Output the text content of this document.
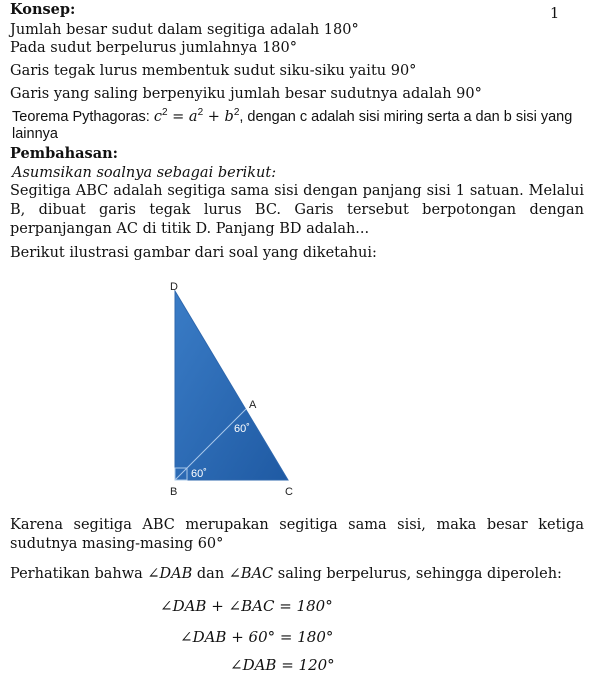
1
Konsep:
Jumlah besar sudut dalam segitiga adalah 180°
Pada sudut berpelurus jumlahnya 180°
Garis tegak lurus membentuk sudut siku-siku yaitu 90°
Garis yang saling berpenyiku jumlah besar sudutnya adalah 90°
Teorema Pythagoras: $c^2 = a^2 + b^2$, dengan c adalah sisi miring serta a dan b sisi yang
lainnya
Pembahasan:
Asumsikan soalnya sebagai berikut:
Segitiga ABC adalah segitiga sama sisi dengan panjang sisi 1 satuan. Melalui B, dibuat garis tegak lurus BC. Garis tersebut berpotongan dengan perpanjangan AC di titik D. Panjang BD adalah...
Berikut ilustrasi gambar dari soal yang diketahui:
D
A
B	C
60˚
60˚
Karena segitiga ABC merupakan segitiga sama sisi, maka besar ketiga sudutnya masing-masing 60°
Perhatikan bahwa ∠DAB dan ∠BAC saling berpelurus, sehingga diperoleh:
∠DAB + ∠BAC = 180°
∠DAB + 60° = 180°
∠DAB = 120°
